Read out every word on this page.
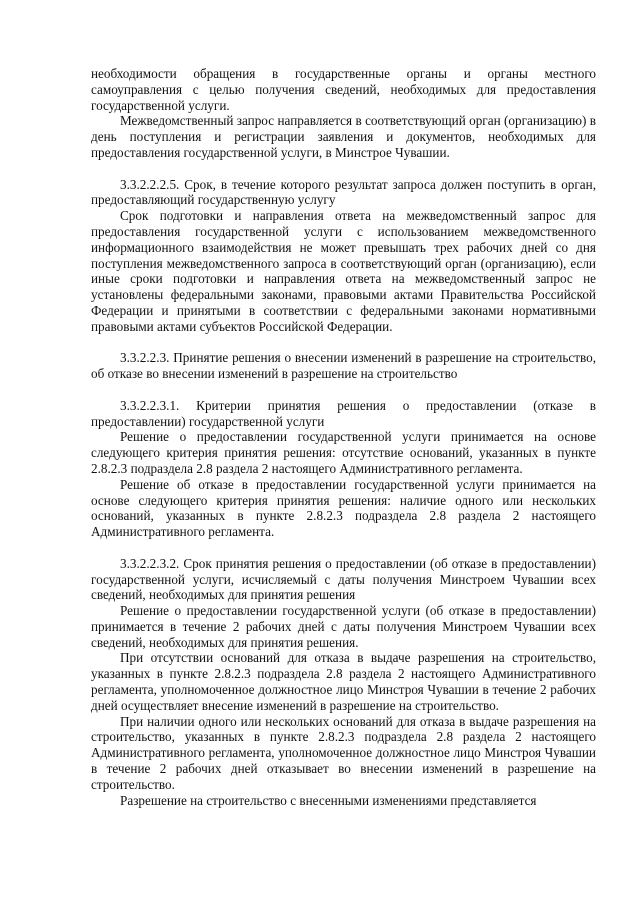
необходимости обращения в государственные органы и органы местного самоуправления с целью получения сведений, необходимых для предоставления государственной услуги.

Межведомственный запрос направляется в соответствующий орган (организацию) в день поступления и регистрации заявления и документов, необходимых для предоставления государственной услуги, в Минстрое Чувашии.

3.3.2.2.2.5. Срок, в течение которого результат запроса должен поступить в орган, предоставляющий государственную услугу

Срок подготовки и направления ответа на межведомственный запрос для предоставления государственной услуги с использованием межведомственного информационного взаимодействия не может превышать трех рабочих дней со дня поступления межведомственного запроса в соответствующий орган (организацию), если иные сроки подготовки и направления ответа на межведомственный запрос не установлены федеральными законами, правовыми актами Правительства Российской Федерации и принятыми в соответствии с федеральными законами нормативными правовыми актами субъектов Российской Федерации.

3.3.2.2.3. Принятие решения о внесении изменений в разрешение на строительство, об отказе во внесении изменений в разрешение на строительство

3.3.2.2.3.1. Критерии принятия решения о предоставлении (отказе в предоставлении) государственной услуги

Решение о предоставлении государственной услуги принимается на основе следующего критерия принятия решения: отсутствие оснований, указанных в пункте 2.8.2.3 подраздела 2.8 раздела 2 настоящего Административного регламента.

Решение об отказе в предоставлении государственной услуги принимается на основе следующего критерия принятия решения: наличие одного или нескольких оснований, указанных в пункте 2.8.2.3 подраздела 2.8 раздела 2 настоящего Административного регламента.

3.3.2.2.3.2. Срок принятия решения о предоставлении (об отказе в предоставлении) государственной услуги, исчисляемый с даты получения Минстроем Чувашии всех сведений, необходимых для принятия решения

Решение о предоставлении государственной услуги (об отказе в предоставлении) принимается в течение 2 рабочих дней с даты получения Минстроем Чувашии всех сведений, необходимых для принятия решения.

При отсутствии оснований для отказа в выдаче разрешения на строительство, указанных в пункте 2.8.2.3 подраздела 2.8 раздела 2 настоящего Административного регламента, уполномоченное должностное лицо Минстроя Чувашии в течение 2 рабочих дней осуществляет внесение изменений в разрешение на строительство.

При наличии одного или нескольких оснований для отказа в выдаче разрешения на строительство, указанных в пункте 2.8.2.3 подраздела 2.8 раздела 2 настоящего Административного регламента, уполномоченное должностное лицо Минстроя Чувашии в течение 2 рабочих дней отказывает во внесении изменений в разрешение на строительство.

Разрешение на строительство с внесенными изменениями представляется
